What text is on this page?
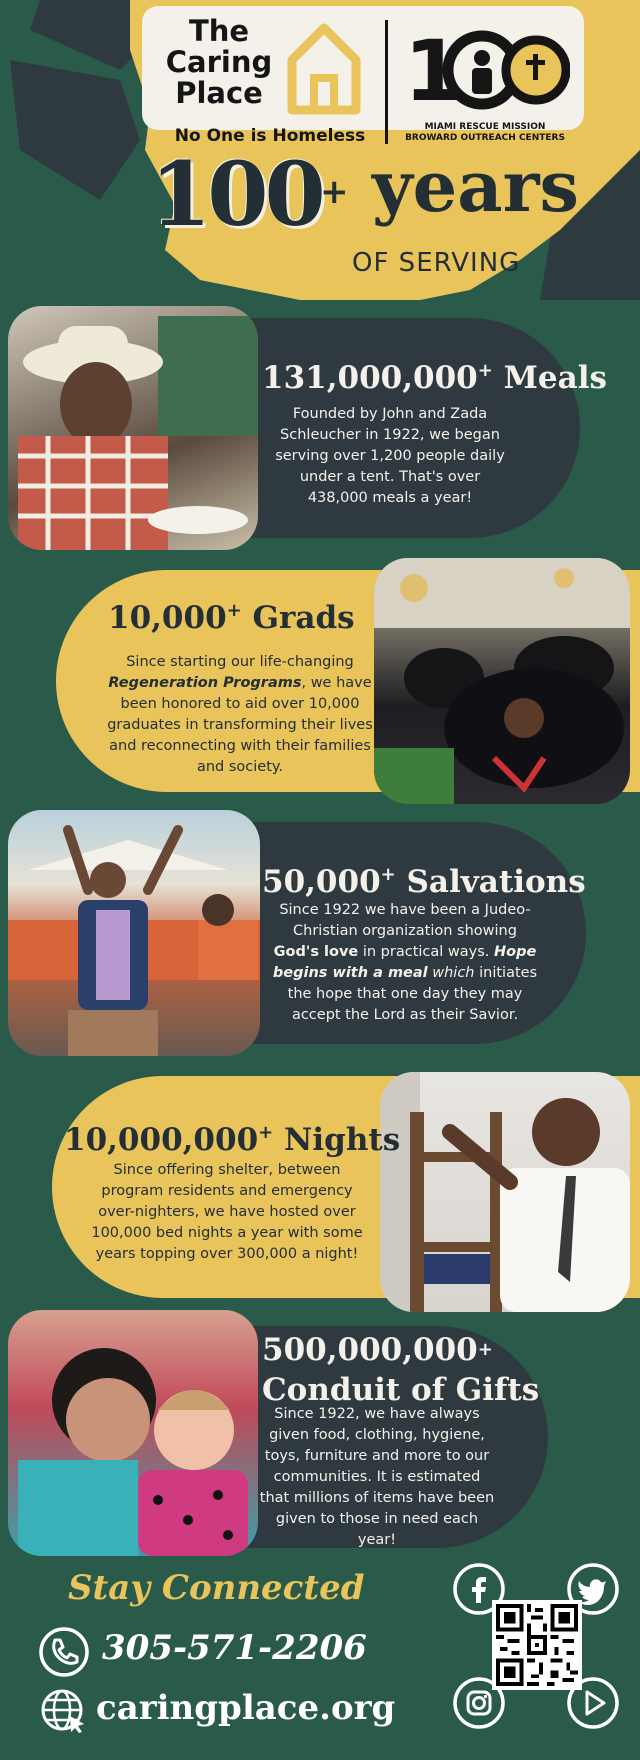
The
Caring
Place
No One is Homeless
1
MIAMI RESCUE MISSION
BROWARD OUTREACH CENTERS
100
+ years
OF SERVING
131,000,000+ Meals
Founded by John and Zada Schleucher in 1922, we began serving over 1,200 people daily under a tent. That's over 438,000 meals a year!
10,000+ Grads
Since starting our life-changing Regeneration Programs, we have been honored to aid over 10,000 graduates in transforming their lives and reconnecting with their families and society.
50,000+ Salvations
Since 1922 we have been a Judeo-Christian organization showing God's love in practical ways. Hope begins with a meal which initiates the hope that one day they may accept the Lord as their Savior.
10,000,000+ Nights
Since offering shelter, between program residents and emergency over-nighters, we have hosted over 100,000 bed nights a year with some years topping over 300,000 a night!
500,000,000+
Conduit of Gifts
Since 1922, we have always given food, clothing, hygiene, toys, furniture and more to our communities. It is estimated that millions of items have been given to those in need each year!
Stay Connected
305-571-2206
caringplace.org
